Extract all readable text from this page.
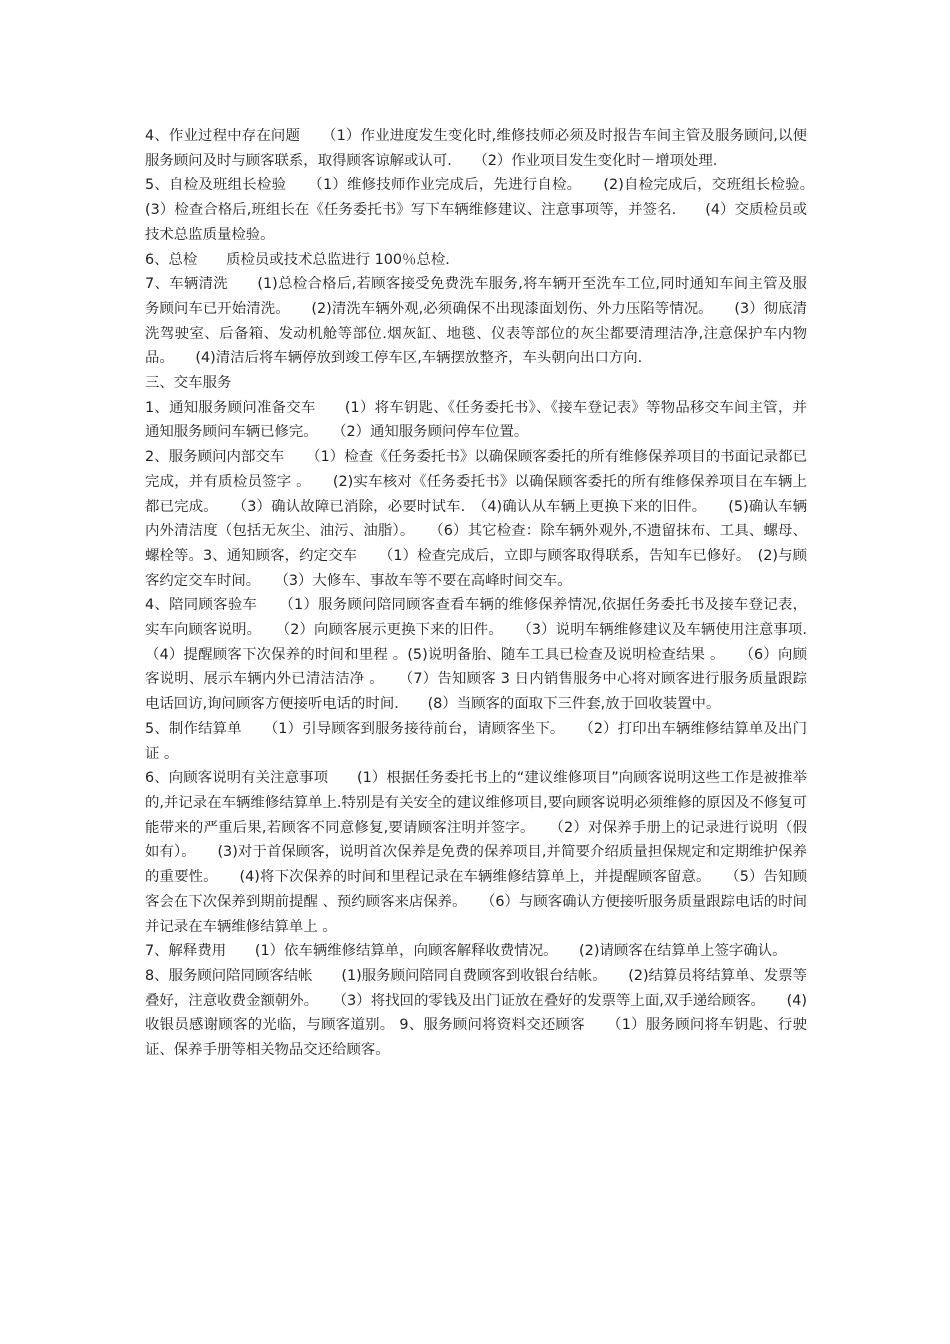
4、作业过程中存在问题　　（1）作业进度发生变化时,维修技师必须及时报告车间主管及服务顾问,以便服务顾问及时与顾客联系，取得顾客谅解或认可.　　（2）作业项目发生变化时－增项处理.

5、自检及班组长检验　　（1）维修技师作业完成后，先进行自检。　　(2)自检完成后，交班组长检验。　　(3）检查合格后,班组长在《任务委托书》写下车辆维修建议、注意事项等，并签名.　　(4）交质检员或技术总监质量检验。

6、总检　　质检员或技术总监进行 100％总检.

7、车辆清洗　　(1)总检合格后,若顾客接受免费洗车服务,将车辆开至洗车工位,同时通知车间主管及服务顾问车已开始清洗。　　(2)清洗车辆外观,必须确保不出现漆面划伤、外力压陷等情况。　　(3）彻底清洗驾驶室、后备箱、发动机舱等部位.烟灰缸、地毯、仪表等部位的灰尘都要清理洁净,注意保护车内物品。　　(4)清洁后将车辆停放到竣工停车区,车辆摆放整齐，车头朝向出口方向.

三、交车服务

1、通知服务顾问准备交车　　(1）将车钥匙、《任务委托书》、《接车登记表》等物品移交车间主管，并通知服务顾问车辆已修完。　　（2）通知服务顾问停车位置。

2、服务顾问内部交车　　（1）检查《任务委托书》以确保顾客委托的所有维修保养项目的书面记录都已完成，并有质检员签字 。　　(2)实车核对《任务委托书》以确保顾客委托的所有维修保养项目在车辆上都已完成。　　（3）确认故障已消除，必要时试车.　（4)确认从车辆上更换下来的旧件。　　(5)确认车辆内外清洁度（包括无灰尘、油污、油脂）。　　（6）其它检查：除车辆外观外,不遗留抹布、工具、螺母、螺栓等。3、通知顾客，约定交车　　（1）检查完成后，立即与顾客取得联系，告知车已修好。　(2)与顾客约定交车时间。　　（3）大修车、事故车等不要在高峰时间交车。

4、陪同顾客验车　　（1）服务顾问陪同顾客查看车辆的维修保养情况,依据任务委托书及接车登记表，实车向顾客说明。　　（2）向顾客展示更换下来的旧件。　　（3）说明车辆维修建议及车辆使用注意事项.　　（4）提醒顾客下次保养的时间和里程 。(5)说明备胎、随车工具已检查及说明检查结果 。　　（6）向顾客说明、展示车辆内外已清洁洁净 。　　（7）告知顾客 3 日内销售服务中心将对顾客进行服务质量跟踪电话回访,询问顾客方便接听电话的时间.　　(8）当顾客的面取下三件套,放于回收装置中。

5、制作结算单　　（1）引导顾客到服务接待前台，请顾客坐下。　　（2）打印出车辆维修结算单及出门证 。

6、向顾客说明有关注意事项　　(1）根据任务委托书上的“建议维修项目”向顾客说明这些工作是被推举的,并记录在车辆维修结算单上.特别是有关安全的建议维修项目,要向顾客说明必须维修的原因及不修复可能带来的严重后果,若顾客不同意修复,要请顾客注明并签字。　　（2）对保养手册上的记录进行说明（假如有）。　　(3)对于首保顾客，说明首次保养是免费的保养项目,并简要介绍质量担保规定和定期维护保养的重要性。　　(4)将下次保养的时间和里程记录在车辆维修结算单上，并提醒顾客留意。　　（5）告知顾客会在下次保养到期前提醒 、预约顾客来店保养。　　（6）与顾客确认方便接听服务质量跟踪电话的时间并记录在车辆维修结算单上 。

7、解释费用　　(1）依车辆维修结算单，向顾客解释收费情况。　　(2)请顾客在结算单上签字确认。

8、服务顾问陪同顾客结帐　　(1)服务顾问陪同自费顾客到收银台结帐。　　(2)结算员将结算单、发票等叠好，注意收费金额朝外。　　（3）将找回的零钱及出门证放在叠好的发票等上面,双手递给顾客。　　(4)收银员感谢顾客的光临，与顾客道别。 9、服务顾问将资料交还顾客　　（1）服务顾问将车钥匙、行驶证、保养手册等相关物品交还给顾客。
